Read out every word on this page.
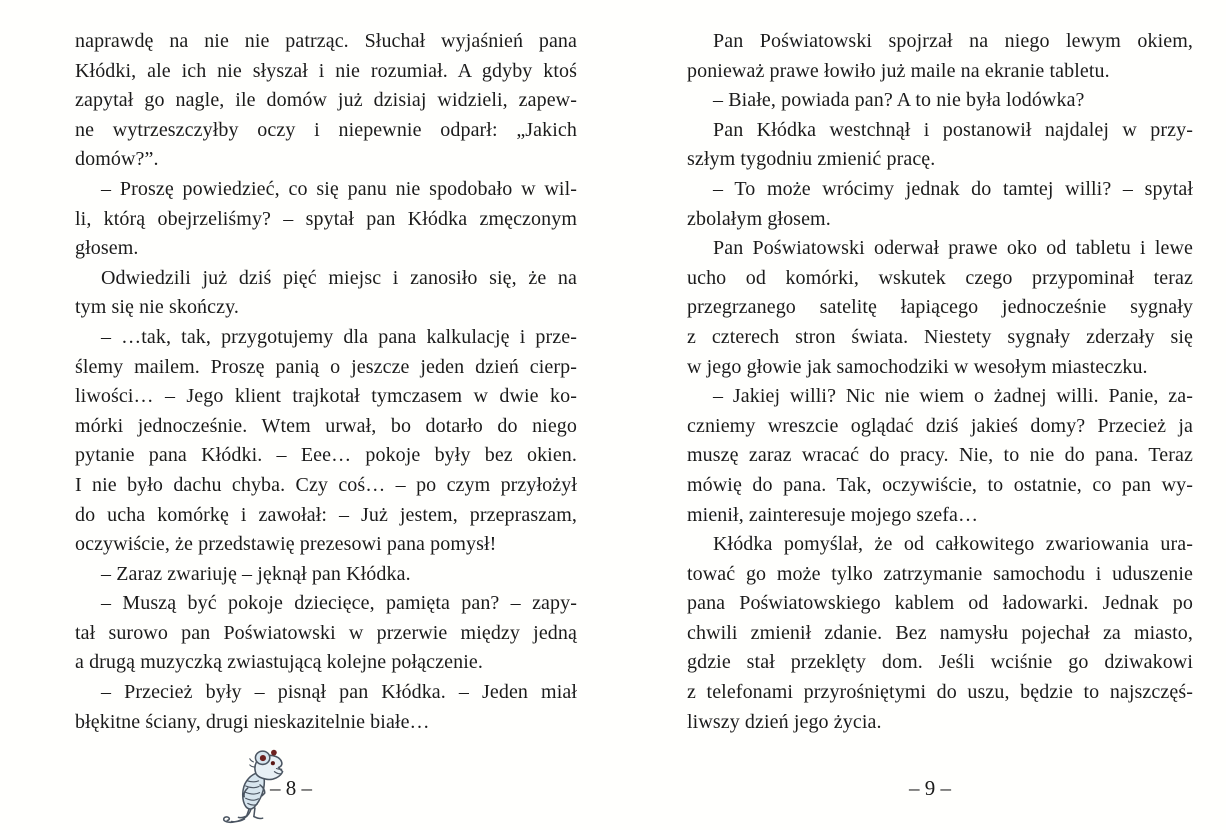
naprawdę na nie nie patrząc. Słuchał wyjaśnień pana
Kłódki, ale ich nie słyszał i nie rozumiał. A gdyby ktoś
zapytał go nagle, ile domów już dzisiaj widzieli, zapew-
ne wytrzeszczyłby oczy i niepewnie odparł: „Jakich
domów?”.
– Proszę powiedzieć, co się panu nie spodobało w wil-
li, którą obejrzeliśmy? – spytał pan Kłódka zmęczonym
głosem.
Odwiedzili już dziś pięć miejsc i zanosiło się, że na
tym się nie skończy.
– …tak, tak, przygotujemy dla pana kalkulację i prze-
ślemy mailem. Proszę panią o jeszcze jeden dzień cierp-
liwości… – Jego klient trajkotał tymczasem w dwie ko-
mórki jednocześnie. Wtem urwał, bo dotarło do niego
pytanie pana Kłódki. – Eee… pokoje były bez okien.
I nie było dachu chyba. Czy coś… – po czym przyłożył
do ucha komórkę i zawołał: – Już jestem, przepraszam,
oczywiście, że przedstawię prezesowi pana pomysł!
– Zaraz zwariuję – jęknął pan Kłódka.
– Muszą być pokoje dziecięce, pamięta pan? – zapy-
tał surowo pan Poświatowski w przerwie między jedną
a drugą muzyczką zwiastującą kolejne połączenie.
– Przecież były – pisnął pan Kłódka. – Jeden miał
błękitne ściany, drugi nieskazitelnie białe…
Pan Poświatowski spojrzał na niego lewym okiem,
ponieważ prawe łowiło już maile na ekranie tabletu.
– Białe, powiada pan? A to nie była lodówka?
Pan Kłódka westchnął i postanowił najdalej w przy-
szłym tygodniu zmienić pracę.
– To może wrócimy jednak do tamtej willi? – spytał
zbolałym głosem.
Pan Poświatowski oderwał prawe oko od tabletu i lewe
ucho od komórki, wskutek czego przypominał teraz
przegrzanego satelitę łapiącego jednocześnie sygnały
z czterech stron świata. Niestety sygnały zderzały się
w jego głowie jak samochodziki w wesołym miasteczku.
– Jakiej willi? Nic nie wiem o żadnej willi. Panie, za-
czniemy wreszcie oglądać dziś jakieś domy? Przecież ja
muszę zaraz wracać do pracy. Nie, to nie do pana. Teraz
mówię do pana. Tak, oczywiście, to ostatnie, co pan wy-
mienił, zainteresuje mojego szefa…
Kłódka pomyślał, że od całkowitego zwariowania ura-
tować go może tylko zatrzymanie samochodu i uduszenie
pana Poświatowskiego kablem od ładowarki. Jednak po
chwili zmienił zdanie. Bez namysłu pojechał za miasto,
gdzie stał przeklęty dom. Jeśli wciśnie go dziwakowi
z telefonami przyrośniętymi do uszu, będzie to najszczęś-
liwszy dzień jego życia.
– 8 –	– 9 –
